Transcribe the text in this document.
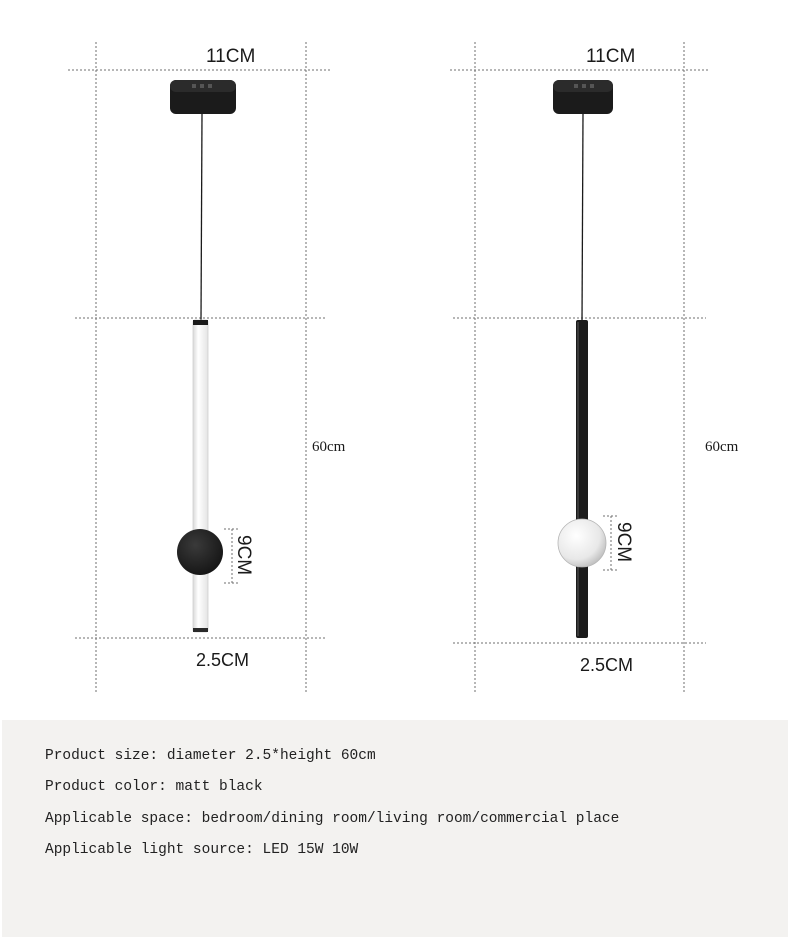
11CM
60cm
9CM
2.5CM
11CM
60cm
9CM
2.5CM

Product size: diameter 2.5*height 60cm

Product color: matt black

Applicable space: bedroom/dining room/living room/commercial place

Applicable light source: LED 15W 10W
